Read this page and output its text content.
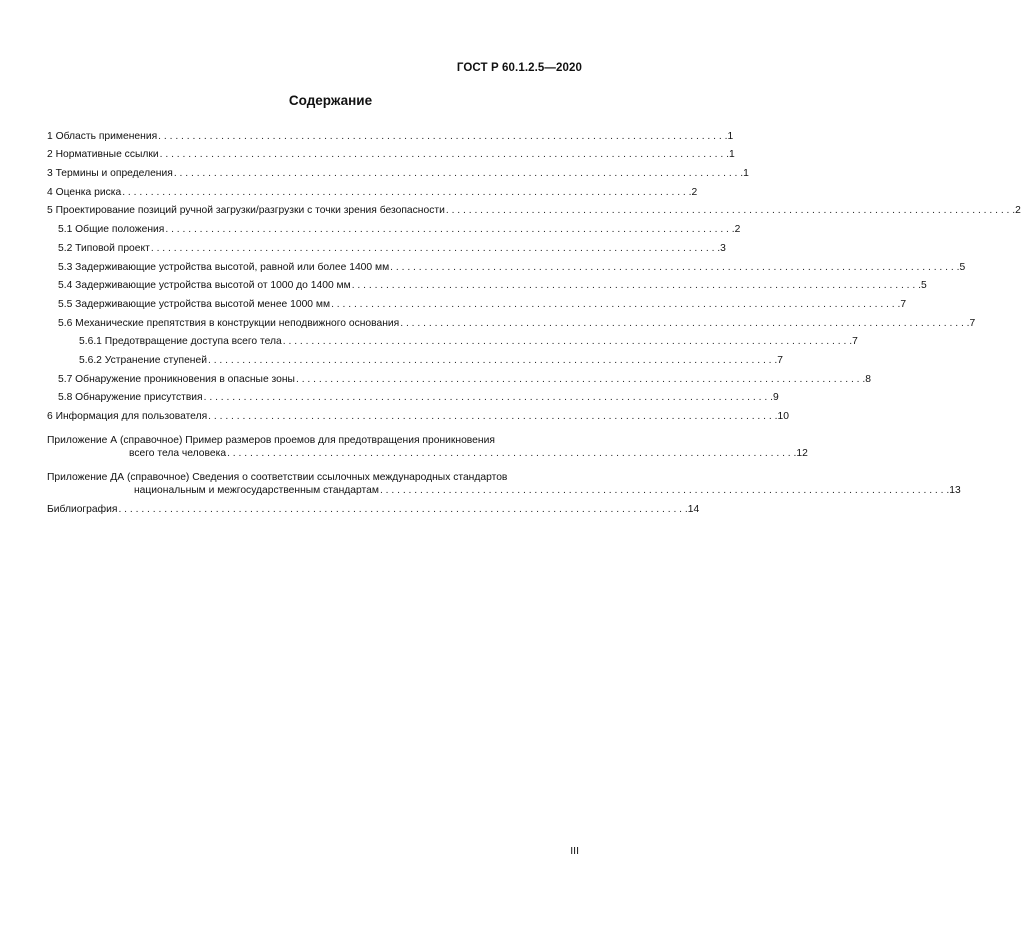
ГОСТ Р 60.1.2.5—2020
Содержание
1 Область применения . . .	1
2 Нормативные ссылки . . .	1
3 Термины и определения . . .	1
4 Оценка риска . . .	2
5 Проектирование позиций ручной загрузки/разгрузки с точки зрения безопасности . . .	2
5.1 Общие положения . . .	2
5.2 Типовой проект . . .	3
5.3 Задерживающие устройства высотой, равной или более 1400 мм . . .	5
5.4 Задерживающие устройства высотой от 1000 до 1400 мм . . .	5
5.5 Задерживающие устройства высотой менее 1000 мм . . .	7
5.6 Механические препятствия в конструкции неподвижного основания . . .	7
5.6.1 Предотвращение доступа всего тела . . .	7
5.6.2 Устранение ступеней . . .	7
5.7 Обнаружение проникновения в опасные зоны . . .	8
5.8 Обнаружение присутствия . . .	9
6 Информация для пользователя . . .	10
Приложение А (справочное) Пример размеров проемов для предотвращения проникновения
всего тела человека . . .	12
Приложение ДА (справочное) Сведения о соответствии ссылочных международных стандартов
национальным и межгосударственным стандартам . . .	13
Библиография . . .	14
III
